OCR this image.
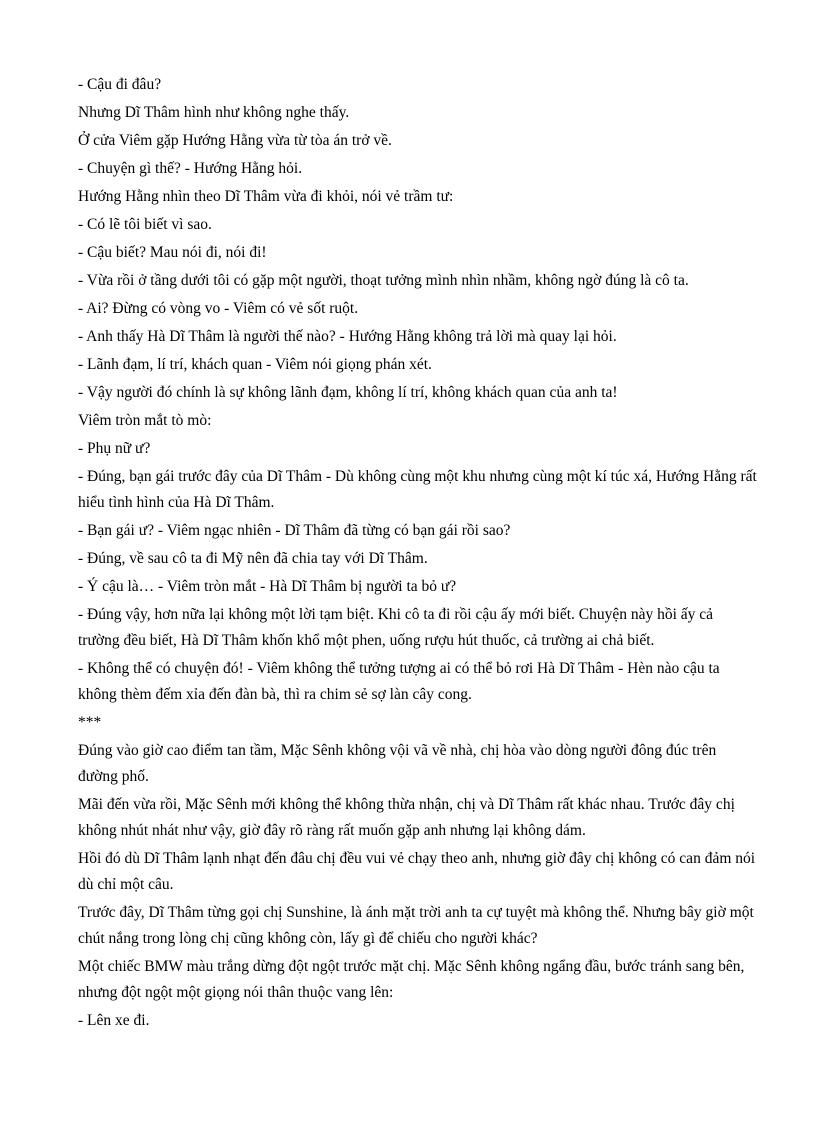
- Cậu đi đâu?

Nhưng Dĩ Thâm hình như không nghe thấy.

Ở cửa Viêm gặp Hướng Hằng vừa từ tòa án trở về.

- Chuyện gì thế? - Hướng Hằng hỏi.

Hướng Hằng nhìn theo Dĩ Thâm vừa đi khỏi, nói vẻ trầm tư:

- Có lẽ tôi biết vì sao.

- Cậu biết? Mau nói đi, nói đi!

- Vừa rồi ở tầng dưới tôi có gặp một người, thoạt tưởng mình nhìn nhầm, không ngờ đúng là cô ta.

- Ai? Đừng có vòng vo - Viêm có vẻ sốt ruột.

- Anh thấy Hà Dĩ Thâm là người thế nào? - Hướng Hằng không trả lời mà quay lại hỏi.

- Lãnh đạm, lí trí, khách quan - Viêm nói giọng phán xét.

- Vậy người đó chính là sự không lãnh đạm, không lí trí, không khách quan của anh ta!

Viêm tròn mắt tò mò:

- Phụ nữ ư?

- Đúng, bạn gái trước đây của Dĩ Thâm - Dù không cùng một khu nhưng cùng một kí túc xá, Hướng Hằng rất hiểu tình hình của Hà Dĩ Thâm.

- Bạn gái ư? - Viêm ngạc nhiên - Dĩ Thâm đã từng có bạn gái rồi sao?

- Đúng, về sau cô ta đi Mỹ nên đã chia tay với Dĩ Thâm.

- Ý cậu là… - Viêm tròn mắt - Hà Dĩ Thâm bị người ta bỏ ư?

- Đúng vậy, hơn nữa lại không một lời tạm biệt. Khi cô ta đi rồi cậu ấy mới biết. Chuyện này hồi ấy cả trường đều biết, Hà Dĩ Thâm khốn khổ một phen, uống rượu hút thuốc, cả trường ai chả biết.

- Không thể có chuyện đó! - Viêm không thể tưởng tượng ai có thể bỏ rơi Hà Dĩ Thâm - Hèn nào cậu ta không thèm đếm xỉa đến đàn bà, thì ra chim sẻ sợ làn cây cong.

***

Đúng vào giờ cao điểm tan tầm, Mặc Sênh không vội vã về nhà, chị hòa vào dòng người đông đúc trên đường phố.

Mãi đến vừa rồi, Mặc Sênh mới không thể không thừa nhận, chị và Dĩ Thâm rất khác nhau. Trước đây chị không nhút nhát như vậy, giờ đây rõ ràng rất muốn gặp anh nhưng lại không dám.

Hồi đó dù Dĩ Thâm lạnh nhạt đến đâu chị đều vui vẻ chạy theo anh, nhưng giờ đây chị không có can đảm nói dù chỉ một câu.

Trước đây, Dĩ Thâm từng gọi chị Sunshine, là ánh mặt trời anh ta cự tuyệt mà không thể. Nhưng bây giờ một chút nắng trong lòng chị cũng không còn, lấy gì để chiếu cho người khác?

Một chiếc BMW màu trắng dừng đột ngột trước mặt chị. Mặc Sênh không ngẩng đầu, bước tránh sang bên, nhưng đột ngột một giọng nói thân thuộc vang lên:

- Lên xe đi.
